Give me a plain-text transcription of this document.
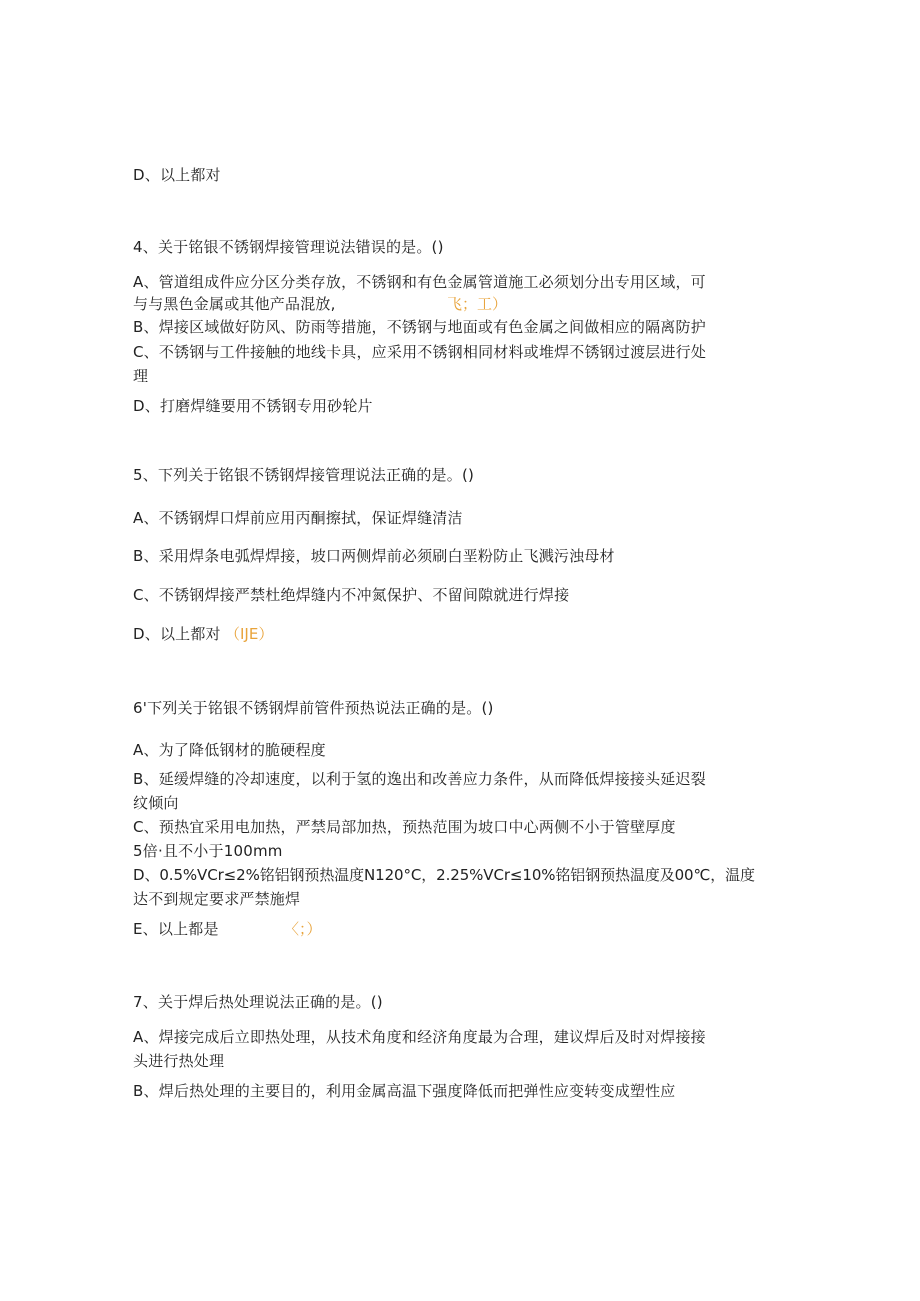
D、以上都对
4、关于铭银不锈钢焊接管理说法错误的是。()
A、管道组成件应分区分类存放，不锈钢和有色金属管道施工必须划分出专用区域，可
与与黑色金属或其他产品混放,	飞；工）
B、焊接区域做好防风、防雨等措施，不锈钢与地面或有色金属之间做相应的隔离防护
C、不锈钢与工件接触的地线卡具，应采用不锈钢相同材料或堆焊不锈钢过渡层进行处
理
D、打磨焊缝要用不锈钢专用砂轮片
5、下列关于铭银不锈钢焊接管理说法正确的是。()
A、不锈钢焊口焊前应用丙酮擦拭，保证焊缝清洁
B、采用焊条电弧焊焊接，坡口两侧焊前必须刷白垩粉防止飞溅污浊母材
C、不锈钢焊接严禁杜绝焊缝内不冲氮保护、不留间隙就进行焊接
D、以上都对 （IJE）
6'下列关于铭银不锈钢焊前管件预热说法正确的是。()
A、为了降低钢材的脆硬程度
B、延缓焊缝的冷却速度，以利于氢的逸出和改善应力条件，从而降低焊接接头延迟裂
纹倾向
C、预热宜采用电加热，严禁局部加热，预热范围为坡口中心两侧不小于管壁厚度
5倍·且不小于100mm
D、0.5%VCr≤2%铭铝钢预热温度N120°C，2.25%VCr≤10%铭铝钢预热温度及00℃，温度
达不到规定要求严禁施焊
E、以上都是	〈；）
7、关于焊后热处理说法正确的是。()
A、焊接完成后立即热处理，从技术角度和经济角度最为合理，建议焊后及时对焊接接
头进行热处理
B、焊后热处理的主要目的，利用金属高温下强度降低而把弹性应变转变成塑性应
